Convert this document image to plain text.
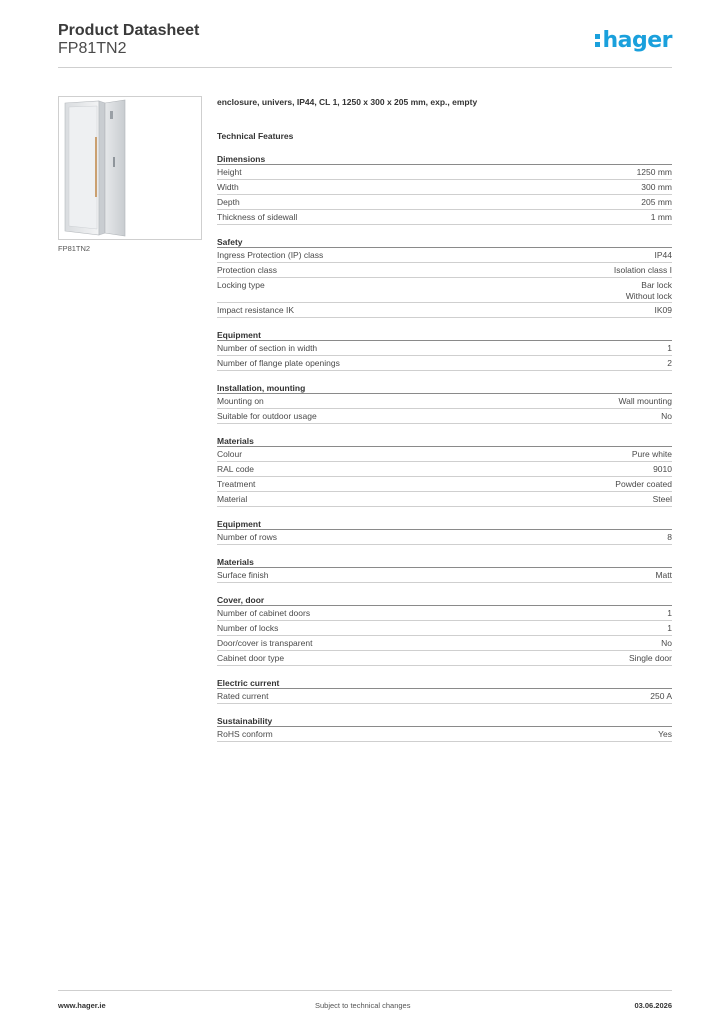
Product Datasheet
FP81TN2	hager
FP81TN2
enclosure, univers, IP44, CL 1, 1250 x 300 x 205 mm, exp., empty
Technical Features
Dimensions
Height	1250 mm
Width	300 mm
Depth	205 mm
Thickness of sidewall	1 mm
Safety
Ingress Protection (IP) class	IP44
Protection class	Isolation class I
Locking type	Bar lock
Without lock
Impact resistance IK	IK09
Equipment
Number of section in width	1
Number of flange plate openings	2
Installation, mounting
Mounting on	Wall mounting
Suitable for outdoor usage	No
Materials
Colour	Pure white
RAL code	9010
Treatment	Powder coated
Material	Steel
Equipment
Number of rows	8
Materials
Surface finish	Matt
Cover, door
Number of cabinet doors	1
Number of locks	1
Door/cover is transparent	No
Cabinet door type	Single door
Electric current
Rated current	250 A
Sustainability
RoHS conform	Yes
www.hager.ie	Subject to technical changes	03.06.2026
